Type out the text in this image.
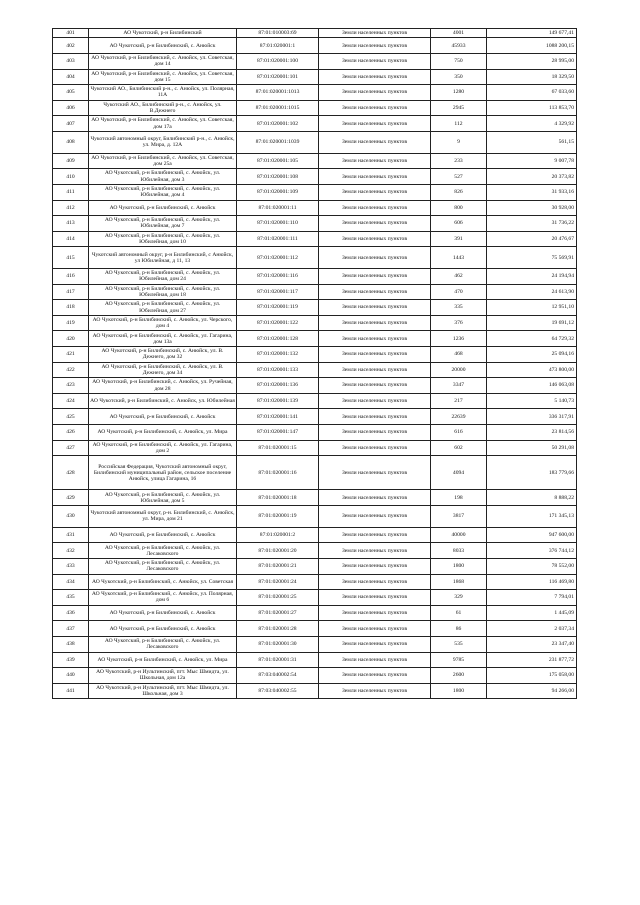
401	АО Чукотский, р-н Билибинский	87:01:010003:69	Земли населенных пунктов	4001	149 677,41
402	АО Чукотский, р-н Билибинский, с. Анюйск	87:01:020001:1	Земли населенных пунктов	45933	1088 200,15
403	АО Чукотский, р-н Билибинский, с. Анюйск, ул. Советская, дом 14	87:01:020001:100	Земли населенных пунктов	750	28 995,00
404	АО Чукотский, р-н Билибинский, с. Анюйск, ул. Советская, дом 15	87:01:020001:101	Земли населенных пунктов	350	18 329,50
405	Чукотский АО., Билибинский р-н., с. Анюйск, ул. Полярная, 11А	87:01:020001:1013	Земли населенных пунктов	1280	67 033,60
406	Чукотский АО., Билибинский р-н., с. Анюйск, ул. В.Дежнего	87:01:020001:1015	Земли населенных пунктов	2945	113 853,70
407	АО Чукотский, р-н Билибинский, с. Анюйск, ул. Советская, дом 17а	87:01:020001:102	Земли населенных пунктов	112	4 329,92
408	Чукотский автономный округ, Билибинский р-н., с. Анюйск, ул. Мира, д. 12А	87:01:020001:1039	Земли населенных пунктов	9	561,15
409	АО Чукотский, р-н Билибинский, с. Анюйск, ул. Советская, дом 25а	87:01:020001:105	Земли населенных пунктов	233	9 007,78
410	АО Чукотский, р-н Билибинский, с. Анюйск, ул. Юбилейная, дом 3	87:01:020001:108	Земли населенных пунктов	527	20 373,82
411	АО Чукотский, р-н Билибинский, с. Анюйск, ул. Юбилейная, дом 4	87:01:020001:109	Земли населенных пунктов	826	31 933,16
412	АО Чукотский, р-н Билибинский, с. Анюйск	87:01:020001:11	Земли населенных пунктов	800	30 928,00
413	АО Чукотский, р-н Билибинский, с. Анюйск, ул. Юбилейная, дом 7	87:01:020001:110	Земли населенных пунктов	606	31 736,22
414	АО Чукотский, р-н Билибинский, с. Анюйск, ул. Юбилейная, дом 10	87:01:020001:111	Земли населенных пунктов	391	20 476,67
415	Чукотский автономный округ, р-н Билибинский, с Анюйск, ул Юбилейная, д 11, 13	87:01:020001:112	Земли населенных пунктов	1443	75 569,91
416	АО Чукотский, р-н Билибинский, с. Анюйск, ул. Юбилейная, дом 24	87:01:020001:116	Земли населенных пунктов	462	24 194,94
417	АО Чукотский, р-н Билибинский, с. Анюйск, ул. Юбилейная, дом 18	87:01:020001:117	Земли населенных пунктов	470	24 613,90
418	АО Чукотский, р-н Билибинский, с. Анюйск, ул. Юбилейная, дом 27	87:01:020001:119	Земли населенных пунктов	335	12 951,10
419	АО Чукотский, р-н Билибинский, с. Анюйск, ул. Черского, дом 4	87:01:020001:122	Земли населенных пунктов	376	19 691,12
420	АО Чукотский, р-н Билибинский, с. Анюйск, ул. Гагарина, дом 13а	87:01:020001:128	Земли населенных пунктов	1236	64 729,32
421	АО Чукотский, р-н Билибинский, с. Анюйск, ул. В. Дежнего, дом 32	87:01:020001:132	Земли населенных пунктов	468	25 094,16
422	АО Чукотский, р-н Билибинский, с. Анюйск, ул. В. Дежнего, дом 34	87:01:020001:133	Земли населенных пунктов	20000	473 800,00
423	АО Чукотский, р-н Билибинский, с. Анюйск, ул. Ручейная, дом 28	87:01:020001:136	Земли населенных пунктов	3347	146 063,08
424	АО Чукотский, р-н Билибинский, с. Анюйск, ул. Юбилейная	87:01:020001:139	Земли населенных пунктов	217	5 140,73
425	АО Чукотский, р-н Билибинский, с. Анюйск	87:01:020001:141	Земли населенных пунктов	22639	336 317,91
426	АО Чукотский, р-н Билибинский, с. Анюйск, ул. Мира	87:01:020001:147	Земли населенных пунктов	616	23 814,56
427	АО Чукотский, р-н Билибинский, с. Анюйск, ул. Гагарина, дом 2	87:01:020001:15	Земли населенных пунктов	602	50 291,08
428	Российская Федерация, Чукотский автономный округ, Билибинский муниципальный район, сельское поселение Анюйск, улица Гагарина, 16	87:01:020001:16	Земли населенных пунктов	4094	183 779,66
429	АО Чукотский, р-н Билибинский, с. Анюйск, ул. Юбилейная, дом 5	87:01:020001:18	Земли населенных пунктов	198	8 888,22
430	Чукотский автономный округ, р-н. Билибинский, с. Анюйск, ул. Мира, дом 21	87:01:020001:19	Земли населенных пунктов	3817	171 345,13
431	АО Чукотский, р-н Билибинский, с. Анюйск	87:01:020001:2	Земли населенных пунктов	40000	947 600,00
432	АО Чукотский, р-н Билибинский, с. Анюйск, ул. Лесаковского	87:01:020001:20	Земли населенных пунктов	8033	376 744,12
433	АО Чукотский, р-н Билибинский, с. Анюйск, ул. Лесаковского	87:01:020001:21	Земли населенных пунктов	1800	78 552,00
434	АО Чукотский, р-н Билибинский, с. Анюйск, ул. Советская	87:01:020001:24	Земли населенных пунктов	1868	116 469,80
435	АО Чукотский, р-н Билибинский, с. Анюйск, ул. Полярная, дом 6	87:01:020001:25	Земли населенных пунктов	329	7 794,01
436	АО Чукотский, р-н Билибинский, с. Анюйск	87:01:020001:27	Земли населенных пунктов	61	1 445,09
437	АО Чукотский, р-н Билибинский, с. Анюйск	87:01:020001:28	Земли населенных пунктов	86	2 037,34
438	АО Чукотский, р-н Билибинский, с. Анюйск, ул. Лесаковского	87:01:020001:30	Земли населенных пунктов	535	23 347,40
439	АО Чукотский, р-н Билибинский, с. Анюйск, ул. Мира	87:01:020001:31	Земли населенных пунктов	9785	231 877,72
440	АО Чукотский, р-н Иультинский, пгт. Мыс Шмидта, ул. Школьная, дом 12а	87:03:040002:54	Земли населенных пунктов	2600	175 058,00
441	АО Чукотский, р-н Иультинский, пгт. Мыс Шмидта, ул. Школьная, дом 3	87:03:040002:55	Земли населенных пунктов	1800	94 266,00
